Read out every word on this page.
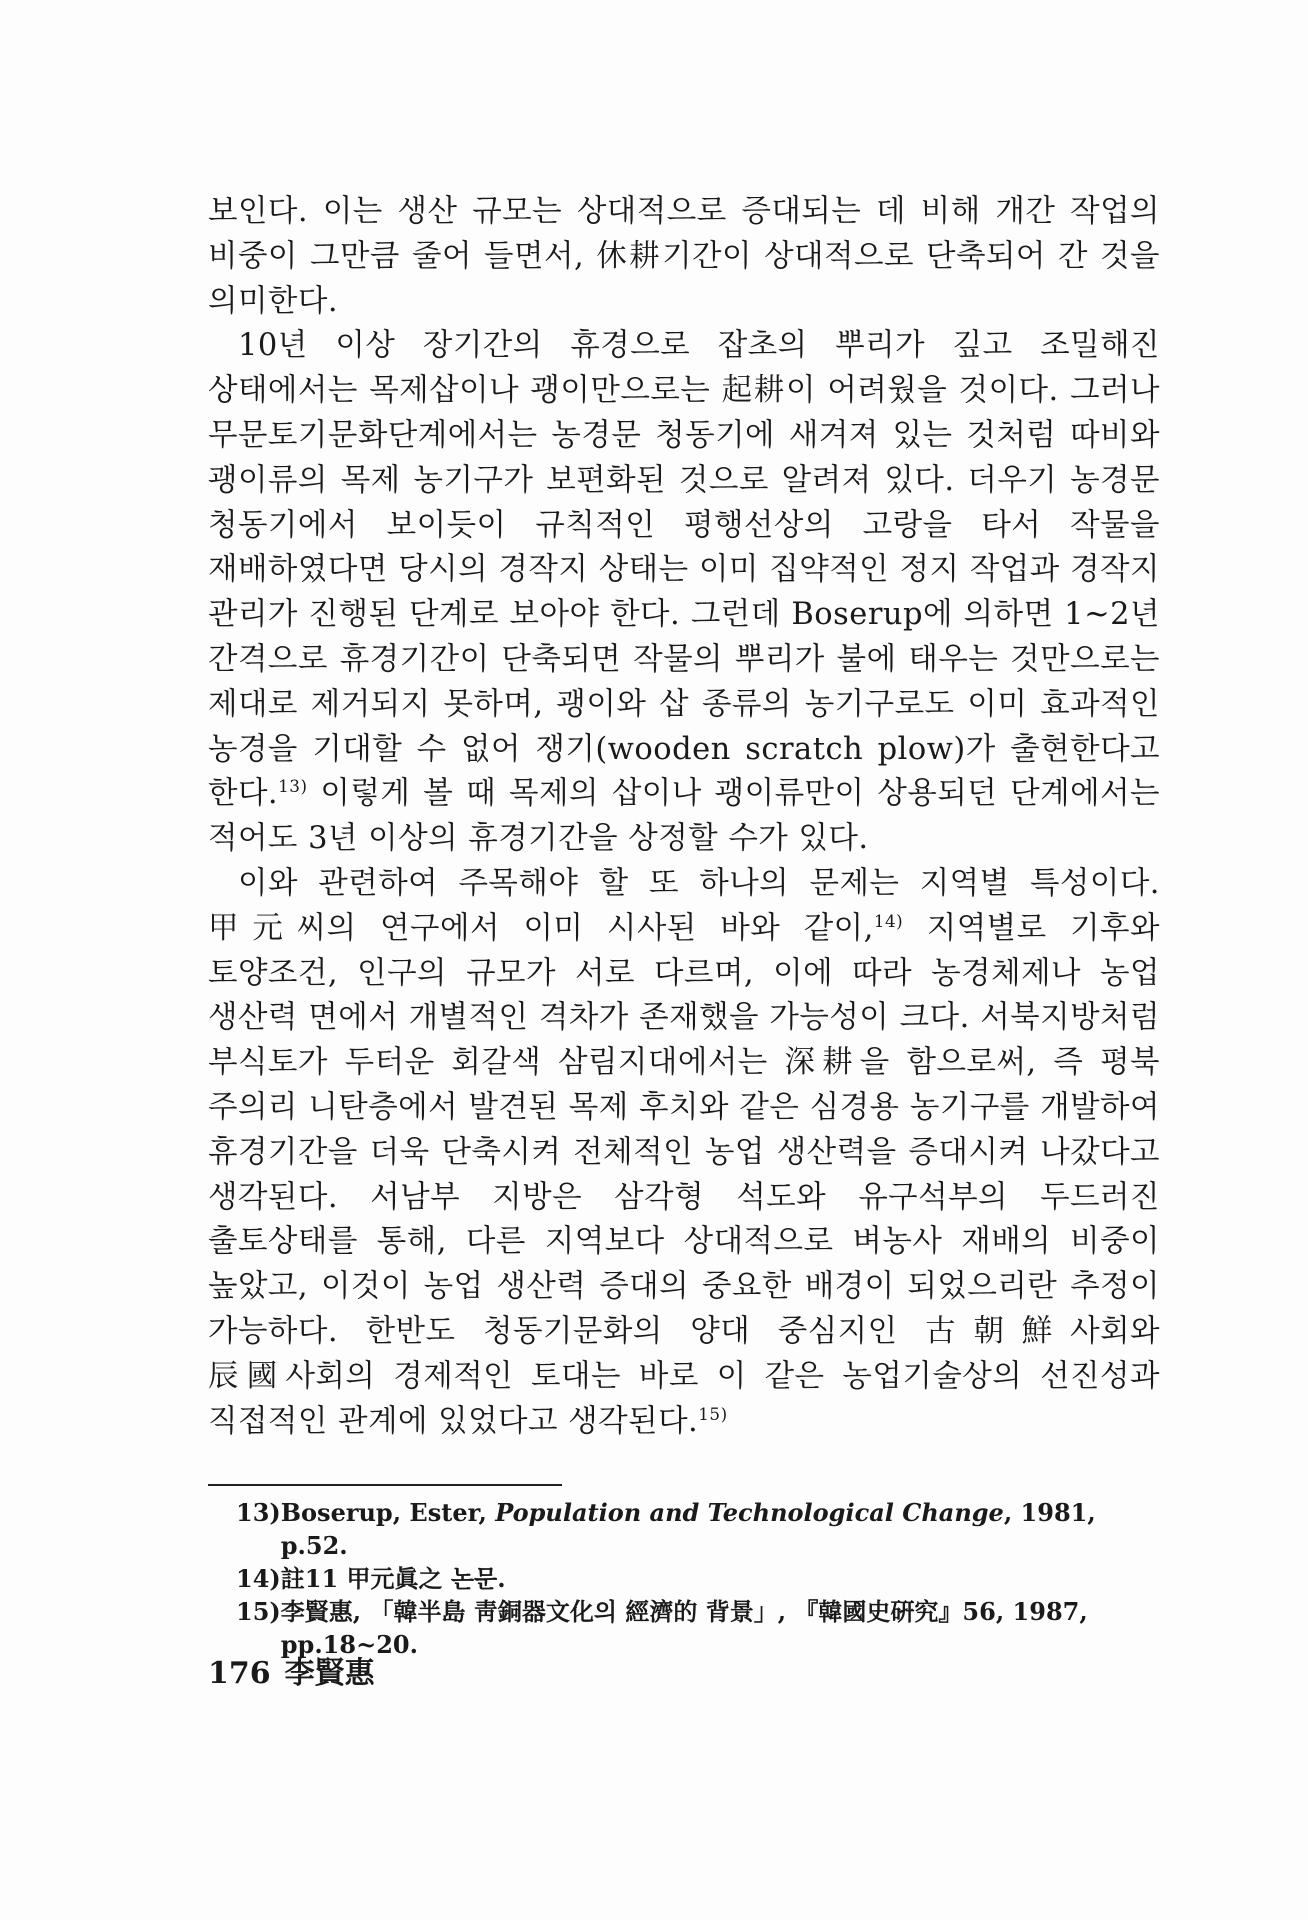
보인다. 이는 생산 규모는 상대적으로 증대되는 데 비해 개간 작업의 비중이 그만큼 줄어 들면서, 休耕기간이 상대적으로 단축되어 간 것을 의미한다.

10년 이상 장기간의 휴경으로 잡초의 뿌리가 깊고 조밀해진 상태에서는 목제삽이나 괭이만으로는 起耕이 어려웠을 것이다. 그러나 무문토기문화단계에서는 농경문 청동기에 새겨져 있는 것처럼 따비와 괭이류의 목제 농기구가 보편화된 것으로 알려져 있다. 더우기 농경문 청동기에서 보이듯이 규칙적인 평행선상의 고랑을 타서 작물을 재배하였다면 당시의 경작지 상태는 이미 집약적인 정지 작업과 경작지 관리가 진행된 단계로 보아야 한다. 그런데 Boserup에 의하면 1~2년 간격으로 휴경기간이 단축되면 작물의 뿌리가 불에 태우는 것만으로는 제대로 제거되지 못하며, 괭이와 삽 종류의 농기구로도 이미 효과적인 농경을 기대할 수 없어 쟁기(wooden scratch plow)가 출현한다고 한다.$^{13)}$ 이렇게 볼 때 목제의 삽이나 괭이류만이 상용되던 단계에서는 적어도 3년 이상의 휴경기간을 상정할 수가 있다.

이와 관련하여 주목해야 할 또 하나의 문제는 지역별 특성이다. 甲元씨의 연구에서 이미 시사된 바와 같이,$^{14)}$ 지역별로 기후와 토양조건, 인구의 규모가 서로 다르며, 이에 따라 농경체제나 농업 생산력 면에서 개별적인 격차가 존재했을 가능성이 크다. 서북지방처럼 부식토가 두터운 회갈색 삼림지대에서는 深耕을 함으로써, 즉 평북 주의리 니탄층에서 발견된 목제 후치와 같은 심경용 농기구를 개발하여 휴경기간을 더욱 단축시켜 전체적인 농업 생산력을 증대시켜 나갔다고 생각된다. 서남부 지방은 삼각형 석도와 유구석부의 두드러진 출토상태를 통해, 다른 지역보다 상대적으로 벼농사 재배의 비중이 높았고, 이것이 농업 생산력 증대의 중요한 배경이 되었으리란 추정이 가능하다. 한반도 청동기문화의 양대 중심지인 古朝鮮사회와 辰國사회의 경제적인 토대는 바로 이 같은 농업기술상의 선진성과 직접적인 관계에 있었다고 생각된다.$^{15)}$

13) Boserup, Ester, Population and Technological Change, 1981, p.52.
14) 註11 甲元眞之 논문.
15) 李賢惠, 「韓半島 靑銅器文化의 經濟的 背景」, 『韓國史硏究』56, 1987, pp.18~20.
176 李賢惠
